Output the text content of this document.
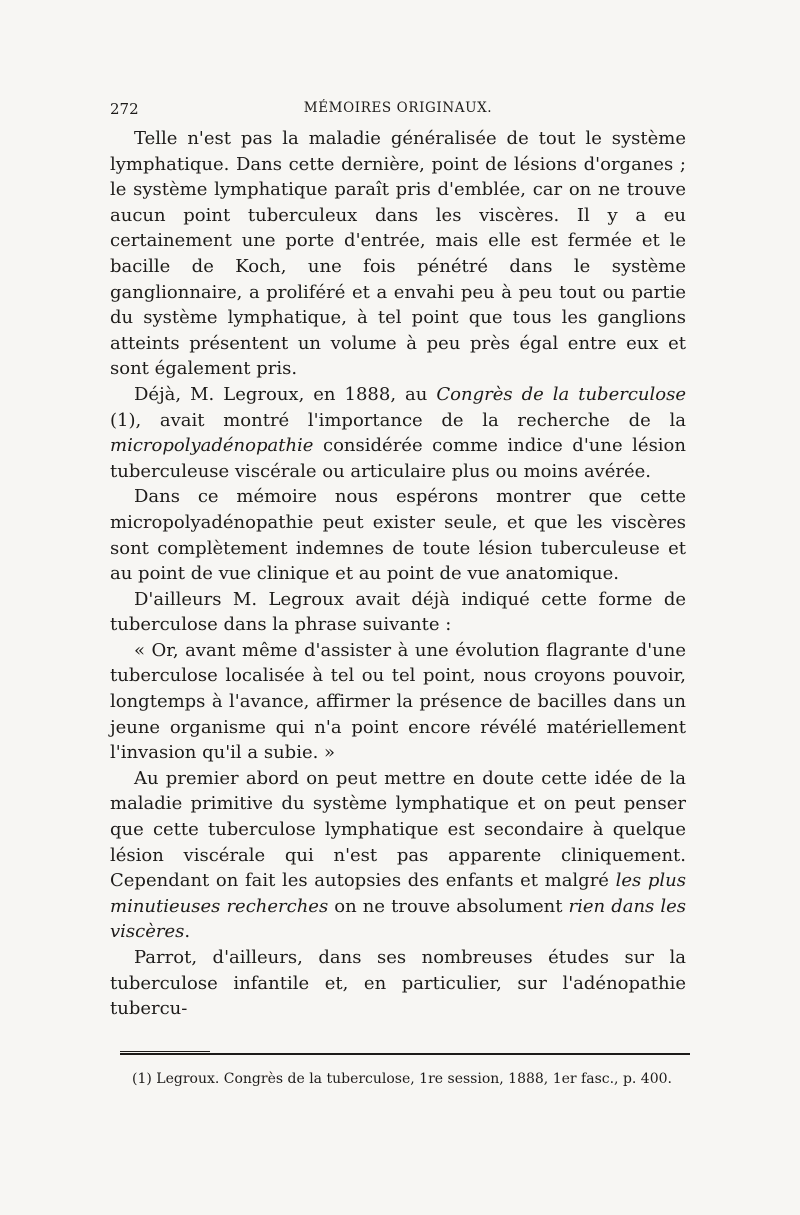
272	MÉMOIRES ORIGINAUX.

Telle n'est pas la maladie généralisée de tout le système lymphatique. Dans cette dernière, point de lésions d'organes ; le système lymphatique paraît pris d'emblée, car on ne trouve aucun point tuberculeux dans les viscères. Il y a eu certainement une porte d'entrée, mais elle est fermée et le bacille de Koch, une fois pénétré dans le système ganglionnaire, a proliféré et a envahi peu à peu tout ou partie du système lymphatique, à tel point que tous les ganglions atteints présentent un volume à peu près égal entre eux et sont également pris.

Déjà, M. Legroux, en 1888, au Congrès de la tuberculose (1), avait montré l'importance de la recherche de la micropolyadénopathie considérée comme indice d'une lésion tuberculeuse viscérale ou articulaire plus ou moins avérée.

Dans ce mémoire nous espérons montrer que cette micropolyadénopathie peut exister seule, et que les viscères sont complètement indemnes de toute lésion tuberculeuse et au point de vue clinique et au point de vue anatomique.

D'ailleurs M. Legroux avait déjà indiqué cette forme de tuberculose dans la phrase suivante :

« Or, avant même d'assister à une évolution flagrante d'une tuberculose localisée à tel ou tel point, nous croyons pouvoir, longtemps à l'avance, affirmer la présence de bacilles dans un jeune organisme qui n'a point encore révélé matériellement l'invasion qu'il a subie. »

Au premier abord on peut mettre en doute cette idée de la maladie primitive du système lymphatique et on peut penser que cette tuberculose lymphatique est secondaire à quelque lésion viscérale qui n'est pas apparente cliniquement. Cependant on fait les autopsies des enfants et malgré les plus minutieuses recherches on ne trouve absolument rien dans les viscères.

Parrot, d'ailleurs, dans ses nombreuses études sur la tuberculose infantile et, en particulier, sur l'adénopathie tubercu-

(1) Legroux. Congrès de la tuberculose, 1re session, 1888, 1er fasc., p. 400.
